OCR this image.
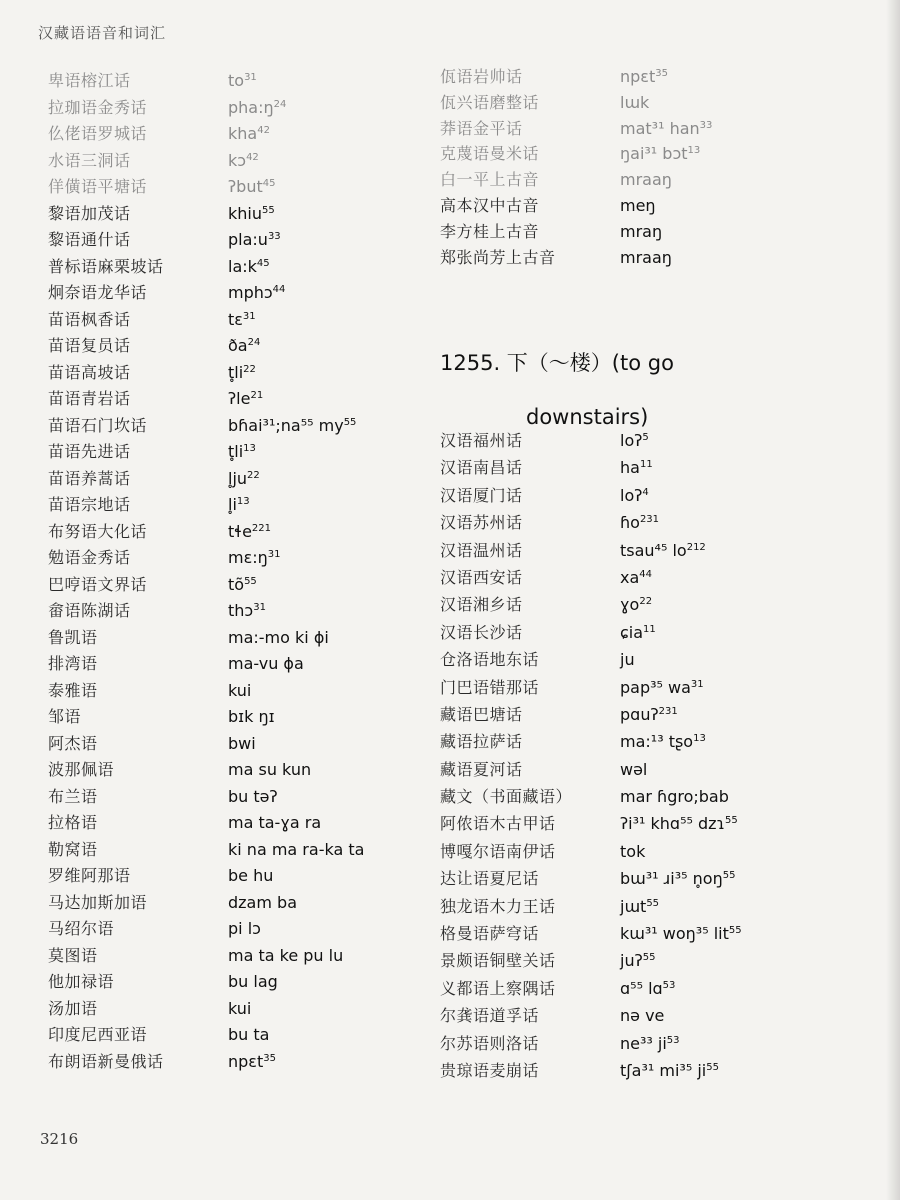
汉藏语语音和词汇
卑语榕江话	$to^{31}$
拉珈语金秀话	$pha:ŋ^{24}$
仫佬语罗城话	kha$^{42}$
水语三洞话	kɔ$^{42}$
佯僙语平塘话	ʔbut$^{45}$
黎语加茂话	khiu$^{55}$
黎语通什话	$pla:u^{33}$
普标语麻栗坡话	$la:k^{45}$
炯奈语龙华话	mphɔ$^{44}$
苗语枫香话	tɛ$^{31}$
苗语复员话	$ða^{24}$
苗语高坡话	$t̥li^{22}$
苗语青岩话	ʔle$^{21}$
苗语石门坎话	bɦai³¹;na⁵⁵ $my^{55}$
苗语先进话	$t̥li^{13}$
苗语养蒿话	$l̥ju^{22}$
苗语宗地话	$l̥i^{13}$
布努语大化话	tɬe$^{221}$
勉语金秀话	$mɛ:ŋ^{31}$
巴哼语文界话	$tõ^{55}$
畲语陈湖话	thɔ$^{31}$
鲁凯语	ma:-mo ki ɸi
排湾语	ma-vu ɸa
泰雅语	kui
邹语	bɪk ŋɪ
阿杰语	bwi
波那佩语	ma su kun
布兰语	bu təʔ
拉格语	ma ta-ɣa ra
勒窝语	ki na ma ra-ka ta
罗维阿那语	be hu
马达加斯加语	dzam ba
马绍尔语	pi lɔ
莫图语	ma ta ke pu lu
他加禄语	bu lag
汤加语	kui
印度尼西亚语	bu ta
布朗语新曼俄话	npɛt$^{35}$
佤语岩帅话	npɛt$^{35}$
佤兴语磨整话	lɯk
莽语金平话	mat³¹ han$^{33}$
克蔑语曼米话	ŋai³¹ bɔt$^{13}$
白一平上古音	mraaŋ
高本汉中古音	meŋ
李方桂上古音	mraŋ
郑张尚芳上古音	mraaŋ
1255. 下（～楼）(to go
downstairs)
汉语福州话	loʔ$^5$
汉语南昌话	$ha^{11}$
汉语厦门话	loʔ$^4$
汉语苏州话	ɦo$^{231}$
汉语温州话	tsau⁴⁵ $lo^{212}$
汉语西安话	$xa^{44}$
汉语湘乡话	ɣo$^{22}$
汉语长沙话	ɕia$^{11}$
仓洛语地东话	ju
门巴语错那话	pap³⁵ $wa^{31}$
藏语巴塘话	pɑuʔ$^{231}$
藏语拉萨话	ma:¹³ tʂo$^{13}$
藏语夏河话	wəl
藏文（书面藏语）	mar ɦgro;bab
阿侬语木古甲话	ʔi³¹ khɑ⁵⁵ dzɿ$^{55}$
博嘎尔语南伊话	tok
达让语夏尼话	bɯ³¹ ɹi³⁵ $n̥oŋ^{55}$
独龙语木力王话	jɯt$^{55}$
格曼语萨穹话	kɯ³¹ woŋ³⁵ lit$^{55}$
景颇语铜壁关话	juʔ$^{55}$
义都语上察隅话	ɑ⁵⁵ lɑ$^{53}$
尔龚语道孚话	nə ve
尔苏语则洛话	ne³³ $ji^{53}$
贵琼语麦崩话	tʃa³¹ mi³⁵ $ji^{55}$
3216
